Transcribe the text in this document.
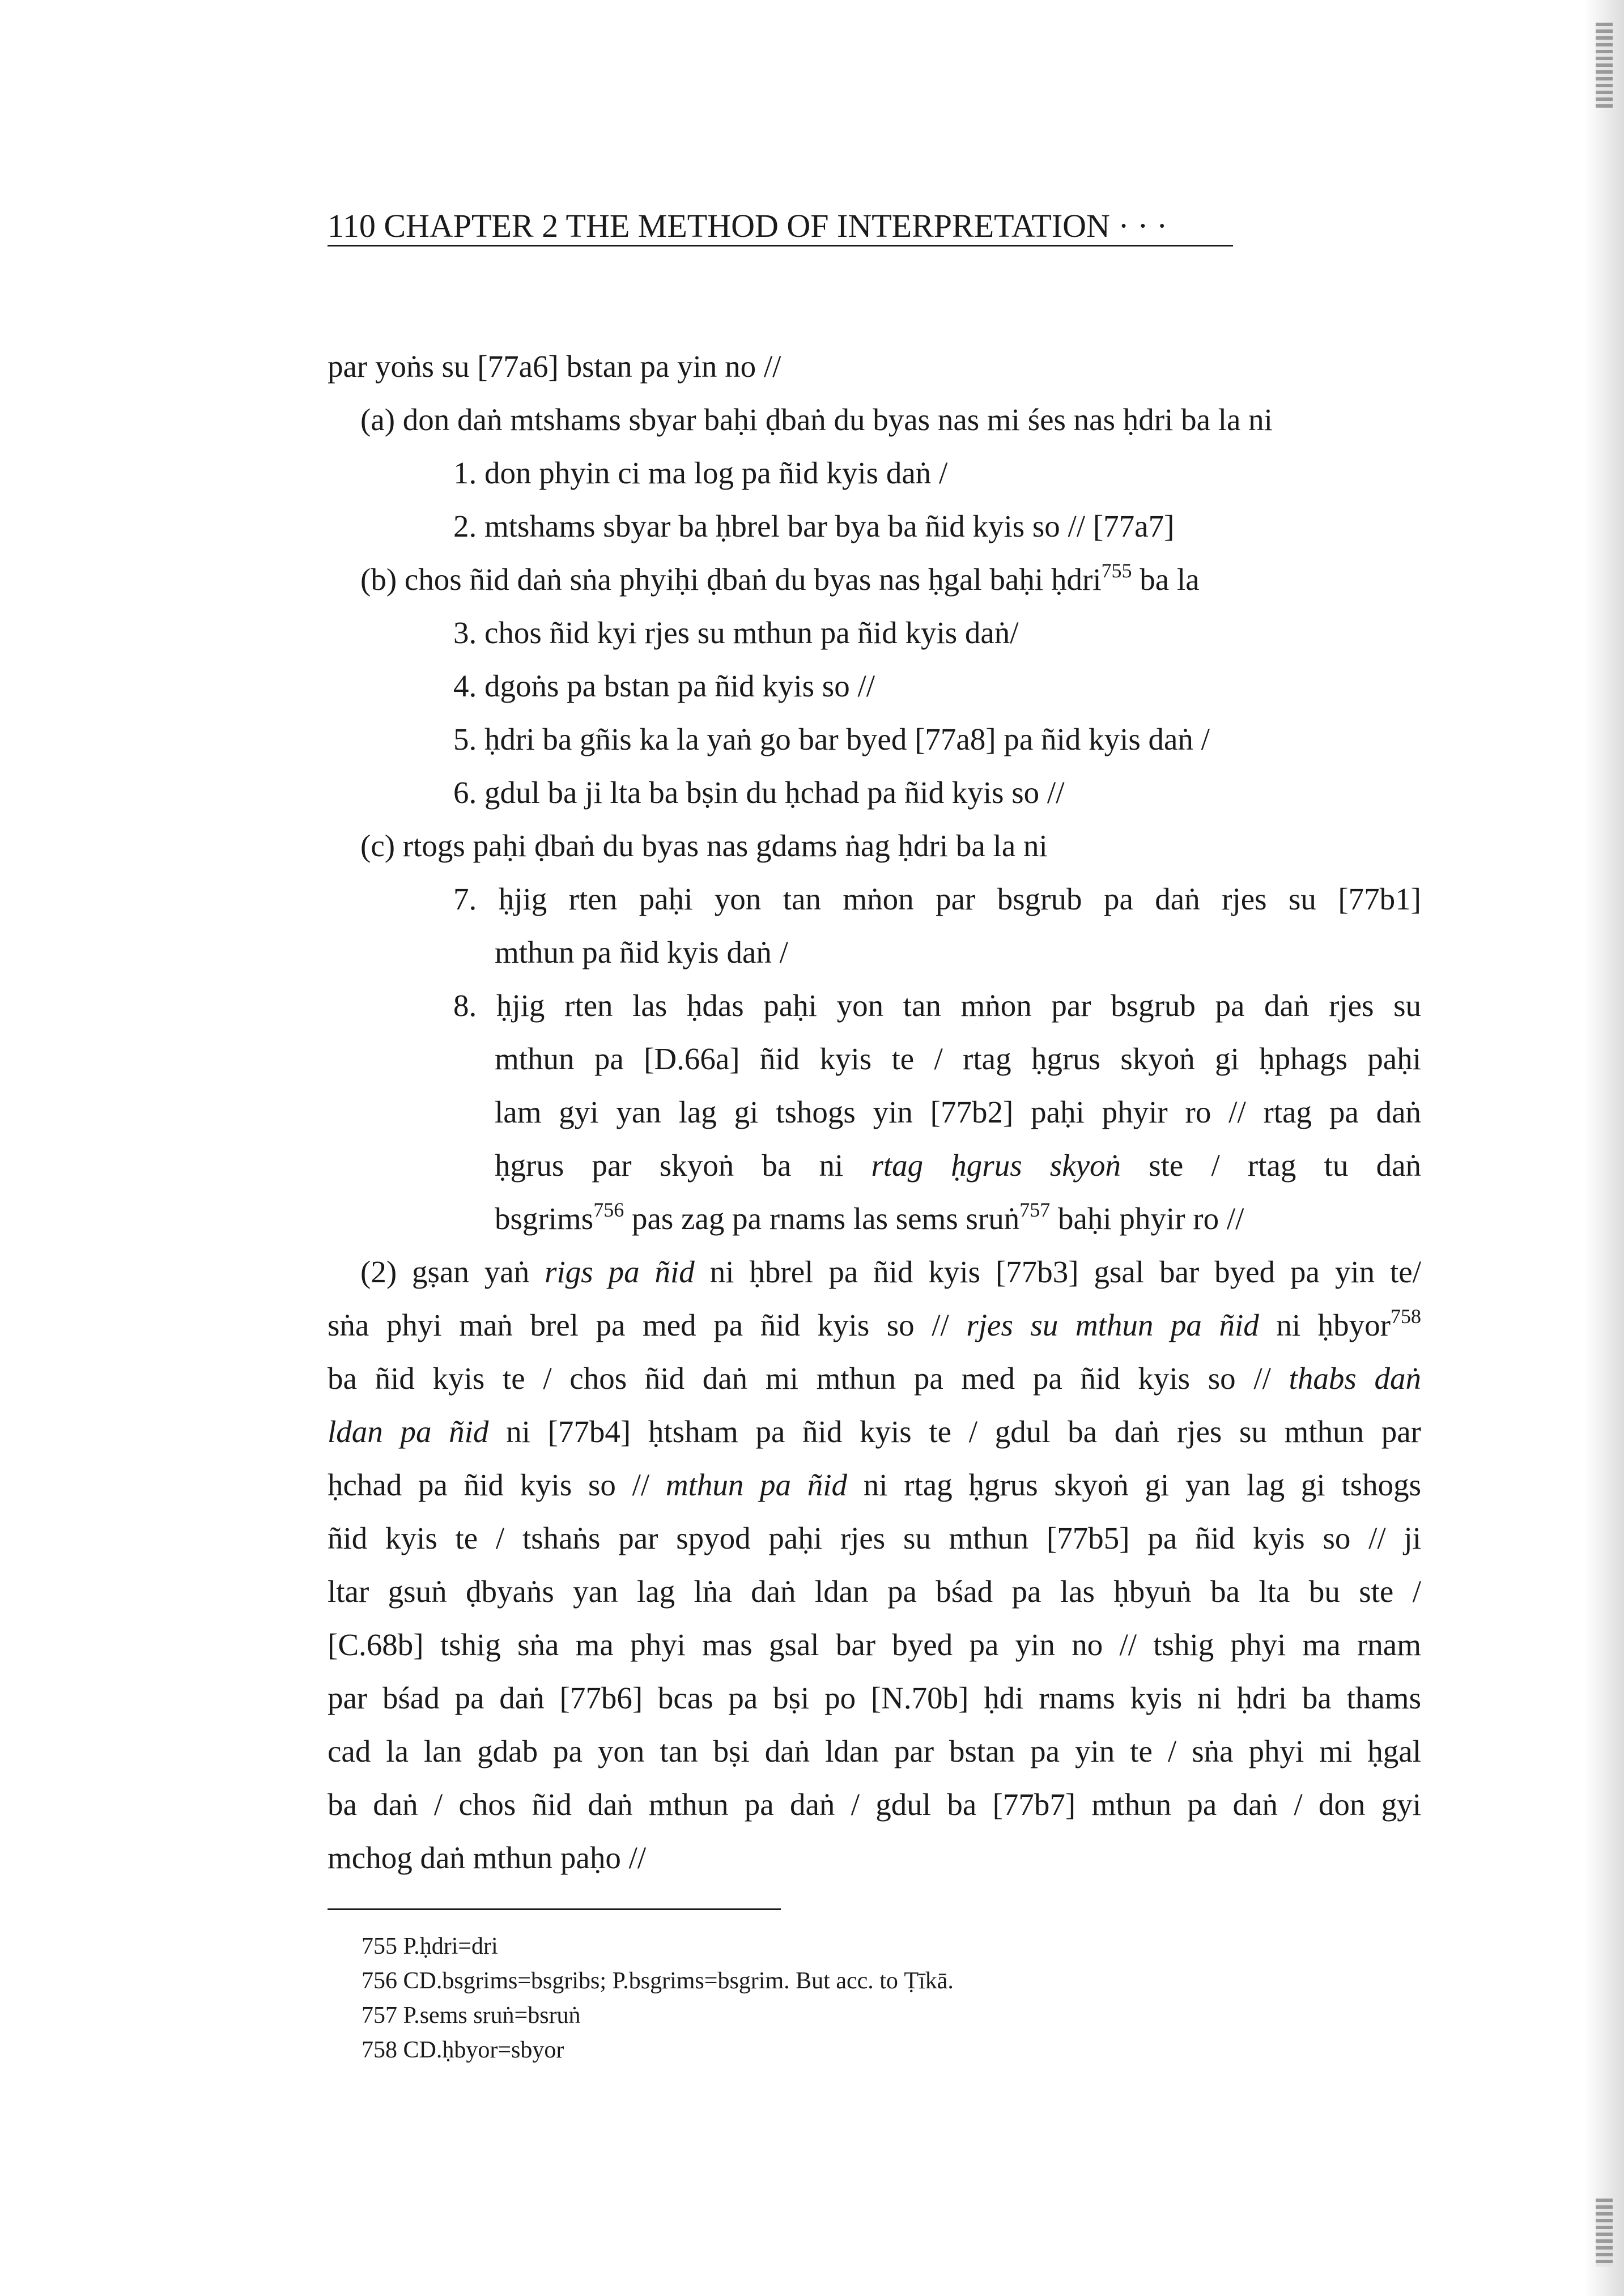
110 CHAPTER 2 THE METHOD OF INTERPRETATION · · ·
par yoṅs su [77a6] bstan pa yin no //
(a) don daṅ mtshams sbyar baḥi ḍbaṅ du byas nas mi śes nas ḥdri ba la ni
1. don phyin ci ma log pa ñid kyis daṅ /
2. mtshams sbyar ba ḥbrel bar bya ba ñid kyis so // [77a7]
(b) chos ñid daṅ sṅa phyiḥi ḍbaṅ du byas nas ḥgal baḥi ḥdri$^{755}$ ba la
3. chos ñid kyi rjes su mthun pa ñid kyis daṅ/
4. dgoṅs pa bstan pa ñid kyis so //
5. ḥdri ba gñis ka la yaṅ go bar byed [77a8] pa ñid kyis daṅ /
6. gdul ba ji lta ba bṣin du ḥchad pa ñid kyis so //
(c) rtogs paḥi ḍbaṅ du byas nas gdams ṅag ḥdri ba la ni
7. ḥjig rten paḥi yon tan mṅon par bsgrub pa daṅ rjes su [77b1]
mthun pa ñid kyis daṅ /
8. ḥjig rten las ḥdas paḥi yon tan mṅon par bsgrub pa daṅ rjes su
mthun pa [D.66a] ñid kyis te / rtag ḥgrus skyoṅ gi ḥphags paḥi
lam gyi yan lag gi tshogs yin [77b2] paḥi phyir ro // rtag pa daṅ
ḥgrus par skyoṅ ba ni rtag ḥgrus skyoṅ ste / rtag tu daṅ
bsgrims$^{756}$ pas zag pa rnams las sems sruṅ$^{757}$ baḥi phyir ro //
(2) gṣan yaṅ rigs pa ñid ni ḥbrel pa ñid kyis [77b3] gsal bar byed pa yin te/
sṅa phyi maṅ brel pa med pa ñid kyis so // rjes su mthun pa ñid ni ḥbyor$^{758}$
ba ñid kyis te / chos ñid daṅ mi mthun pa med pa ñid kyis so // thabs daṅ
ldan pa ñid ni [77b4] ḥtsham pa ñid kyis te / gdul ba daṅ rjes su mthun par
ḥchad pa ñid kyis so // mthun pa ñid ni rtag ḥgrus skyoṅ gi yan lag gi tshogs
ñid kyis te / tshaṅs par spyod paḥi rjes su mthun [77b5] pa ñid kyis so // ji
ltar gsuṅ ḍbyaṅs yan lag lṅa daṅ ldan pa bśad pa las ḥbyuṅ ba lta bu ste /
[C.68b] tshig sṅa ma phyi mas gsal bar byed pa yin no // tshig phyi ma rnam
par bśad pa daṅ [77b6] bcas pa bṣi po [N.70b] ḥdi rnams kyis ni ḥdri ba thams
cad la lan gdab pa yon tan bṣi daṅ ldan par bstan pa yin te / sṅa phyi mi ḥgal
ba daṅ / chos ñid daṅ mthun pa daṅ / gdul ba [77b7] mthun pa daṅ / don gyi
mchog daṅ mthun paḥo //
755 P.ḥdri=dri
756 CD.bsgrims=bsgribs; P.bsgrims=bsgrim. But acc. to Ṭīkā.
757 P.sems sruṅ=bsruṅ
758 CD.ḥbyor=sbyor
